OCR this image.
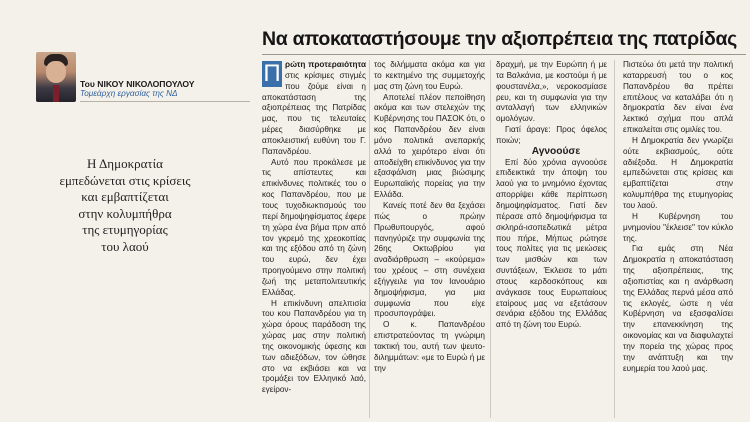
Του ΝΙΚΟΥ ΝΙΚΟΛΟΠΟΥΛΟΥ
Τομεάρχη εργασίας της ΝΔ
Η Δημοκρατία
εμπεδώνεται στις κρίσεις
και εμβαπτίζεται
στην κολυμπήθρα
της ετυμηγορίας
του λαού
Να αποκαταστήσουμε την αξιοπρέπεια της πατρίδας

Π ρώτη προτεραιότητα στις κρίσιμες στιγμές που ζούμε είναι η αποκατάσταση της αξιοπρέπειας της Πατρίδας μας, που τις τελευταίες μέρες διασύρθηκε με αποκλειστική ευθύνη του Γ. Παπανδρέου.

Αυτό που προκάλεσε με τις απίστευτες και επικίνδυνες πολιτικές του ο κος Παπανδρέου, που με τους τυχοδιωκτισμούς του περί δημοψηφίσματος έφερε τη χώρα ένα βήμα πριν από τον γκρεμό της χρεοκοπίας και της εξόδου από τη ζώνη του ευρώ, δεν έχει προηγούμενο στην πολιτική ζωή της μεταπολιτευτικής Ελλάδας.

Η επικίνδυνη απελπισία του κου Παπανδρέου για τη χώρα όρους παράδοση της χώρας μας στην πολιτική της οικονομικής ύφεσης και των αδιεξόδων, τον ώθησε στο να εκβιάσει και να τρομάξει τον Ελληνικό λαό, εγείρον-

τος διλήμματα ακόμα και για το κεκτημένο της συμμετοχής μας στη ζώνη του Ευρώ.

Αποτελεί πλέον πεποίθηση ακόμα και των στελεχών της Κυβέρνησης του ΠΑΣΟΚ ότι, ο κος Παπανδρέου δεν είναι μόνο πολιτικά ανεπαρκής αλλά το χειρότερο είναι ότι αποδείχθη επικίνδυνος για την εξασφάλιση μιας βιώσιμης Ευρωπαϊκής πορείας για την Ελλάδα.

Κανείς ποτέ δεν θα ξεχάσει πώς ο πρώην Πρωθυπουργός, αφού πανηγύριζε την συμφωνία της 26ης Οκτωβρίου για αναδιάρθρωση – «κούρεμα» του χρέους – στη συνέχεια εξήγγειλε για τον Ιανουάριο δημοψήφισμα, για μια συμφωνία που είχε προσυπογράψει.

Ο κ. Παπανδρέου επιστρατεύοντας τη γνώριμη τακτική του, αυτή των ψευτο-διλημμάτων: «με το Ευρώ ή με την

δραχμή, με την Ευρώπη ή με τα Βαλκάνια, με κοστούμι ή με φουστανέλα,», νεροκοσμίασε ρευ, και τη συμφωνία για την ανταλλαγή των ελληνικών ομολόγων.

Γιατί άραγε: Προς όφελος ποιών;

Αγνοούσε

Επί δύο χρόνια αγνοούσε επιδεικτικά την άποψη του λαού για το μνημόνιο έχοντας απορρίψει κάθε περίπτωση δημοψηφίσματος. Γιατί δεν πέρασε από δημοψήφισμα τα σκληρά-ισοπεδωτικά μέτρα που πήρε, Μήπως ρώτησε τους πολίτες για τις μειώσεις των μισθών και των συντάξεων, Έκλεισε το μάτι στους κερδοσκόπους και ανάγκασε τους Ευρωπαίους εταίρους μας να εξετάσουν σενάρια εξόδου της Ελλάδας από τη ζώνη του Ευρώ.

Πιστεύω ότι μετά την πολιτική καταρρευσή του ο κος Παπανδρέου θα πρέπει επιτέλους να καταλάβει ότι η δημοκρατία δεν είναι ένα λεκτικό σχήμα που απλά επικαλείται στις ομιλίες του.

Η Δημοκρατία δεν γνωρίζει ούτε εκβιασμούς, ούτε αδιέξοδα. Η Δημοκρατία εμπεδώνεται στις κρίσεις και εμβαπτίζεται στην κολυμπήθρα της ετυμηγορίας του λαού.

Η Κυβέρνηση του μνημονίου "έκλεισε" τον κύκλο της.

Για εμάς στη Νέα Δημοκρατία η αποκατάσταση της αξιοπρέπειας, της αξιοπιστίας και η ανάρθωση της Ελλάδας περνά μέσα από τις εκλογές, ώστε η νέα Κυβέρνηση να εξασφαλίσει την επανεκκίνηση της οικονομίας και να διαφυλαχτεί την πορεία της χώρας προς την ανάπτυξη και την ευημερία του λαού μας.
